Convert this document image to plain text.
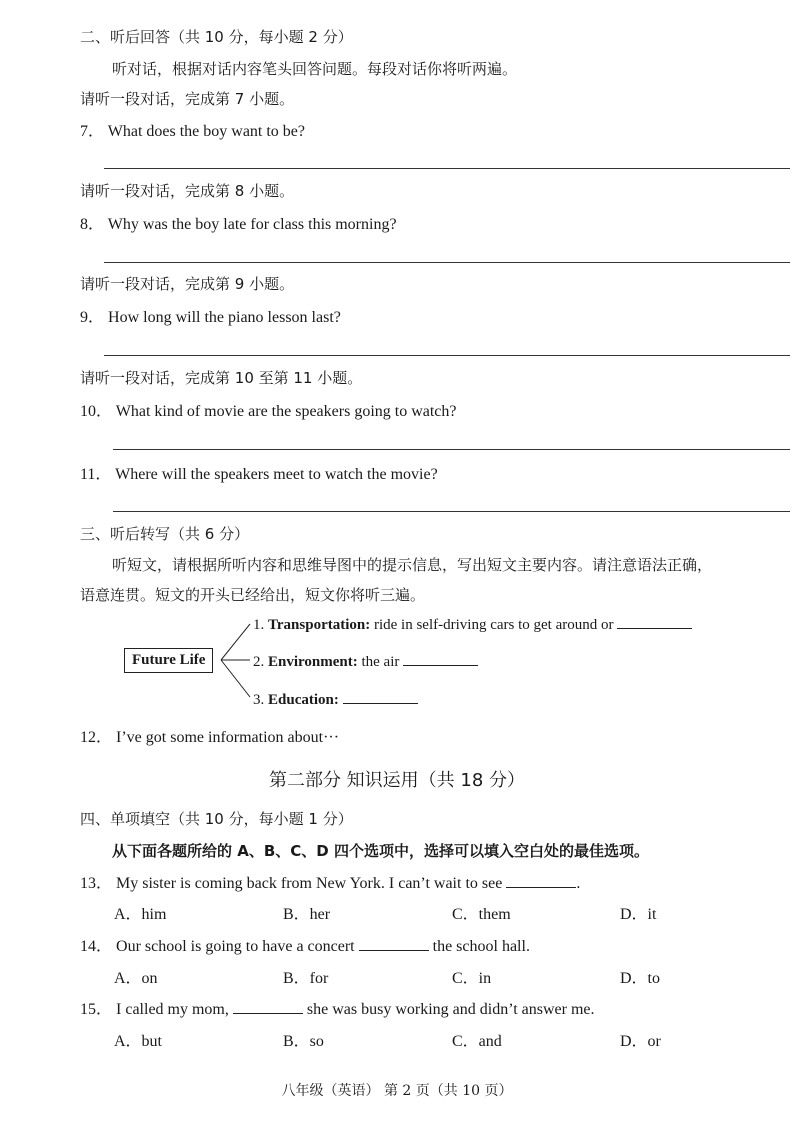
二、听后回答（共 10 分，每小题 2 分）
听对话，根据对话内容笔头回答问题。每段对话你将听两遍。
请听一段对话，完成第 7 小题。
7． What does the boy want to be?
请听一段对话，完成第 8 小题。
8． Why was the boy late for class this morning?
请听一段对话，完成第 9 小题。
9． How long will the piano lesson last?
请听一段对话，完成第 10 至第 11 小题。
10． What kind of movie are the speakers going to watch?
11． Where will the speakers meet to watch the movie?
三、听后转写（共 6 分）
听短文，请根据所听内容和思维导图中的提示信息，写出短文主要内容。请注意语法正确，
语意连贯。短文的开头已经给出，短文你将听三遍。
Future Life
1. Transportation: ride in self-driving cars to get around or
2. Environment: the air
3. Education:
12． I’ve got some information about···
第二部分 知识运用（共 18 分）
四、单项填空（共 10 分，每小题 1 分）
从下面各题所给的 A、B、C、D 四个选项中，选择可以填入空白处的最佳选项。
13． My sister is coming back from New York. I can’t wait to see	.
A．him	B．her	C．them	D．it
14． Our school is going to have a concert	the school hall.
A．on	B．for	C．in	D．to
15． I called my mom,	she was busy working and didn’t answer me.
A．but	B．so	C．and	D．or
八年级（英语） 第 2 页（共 10 页）
